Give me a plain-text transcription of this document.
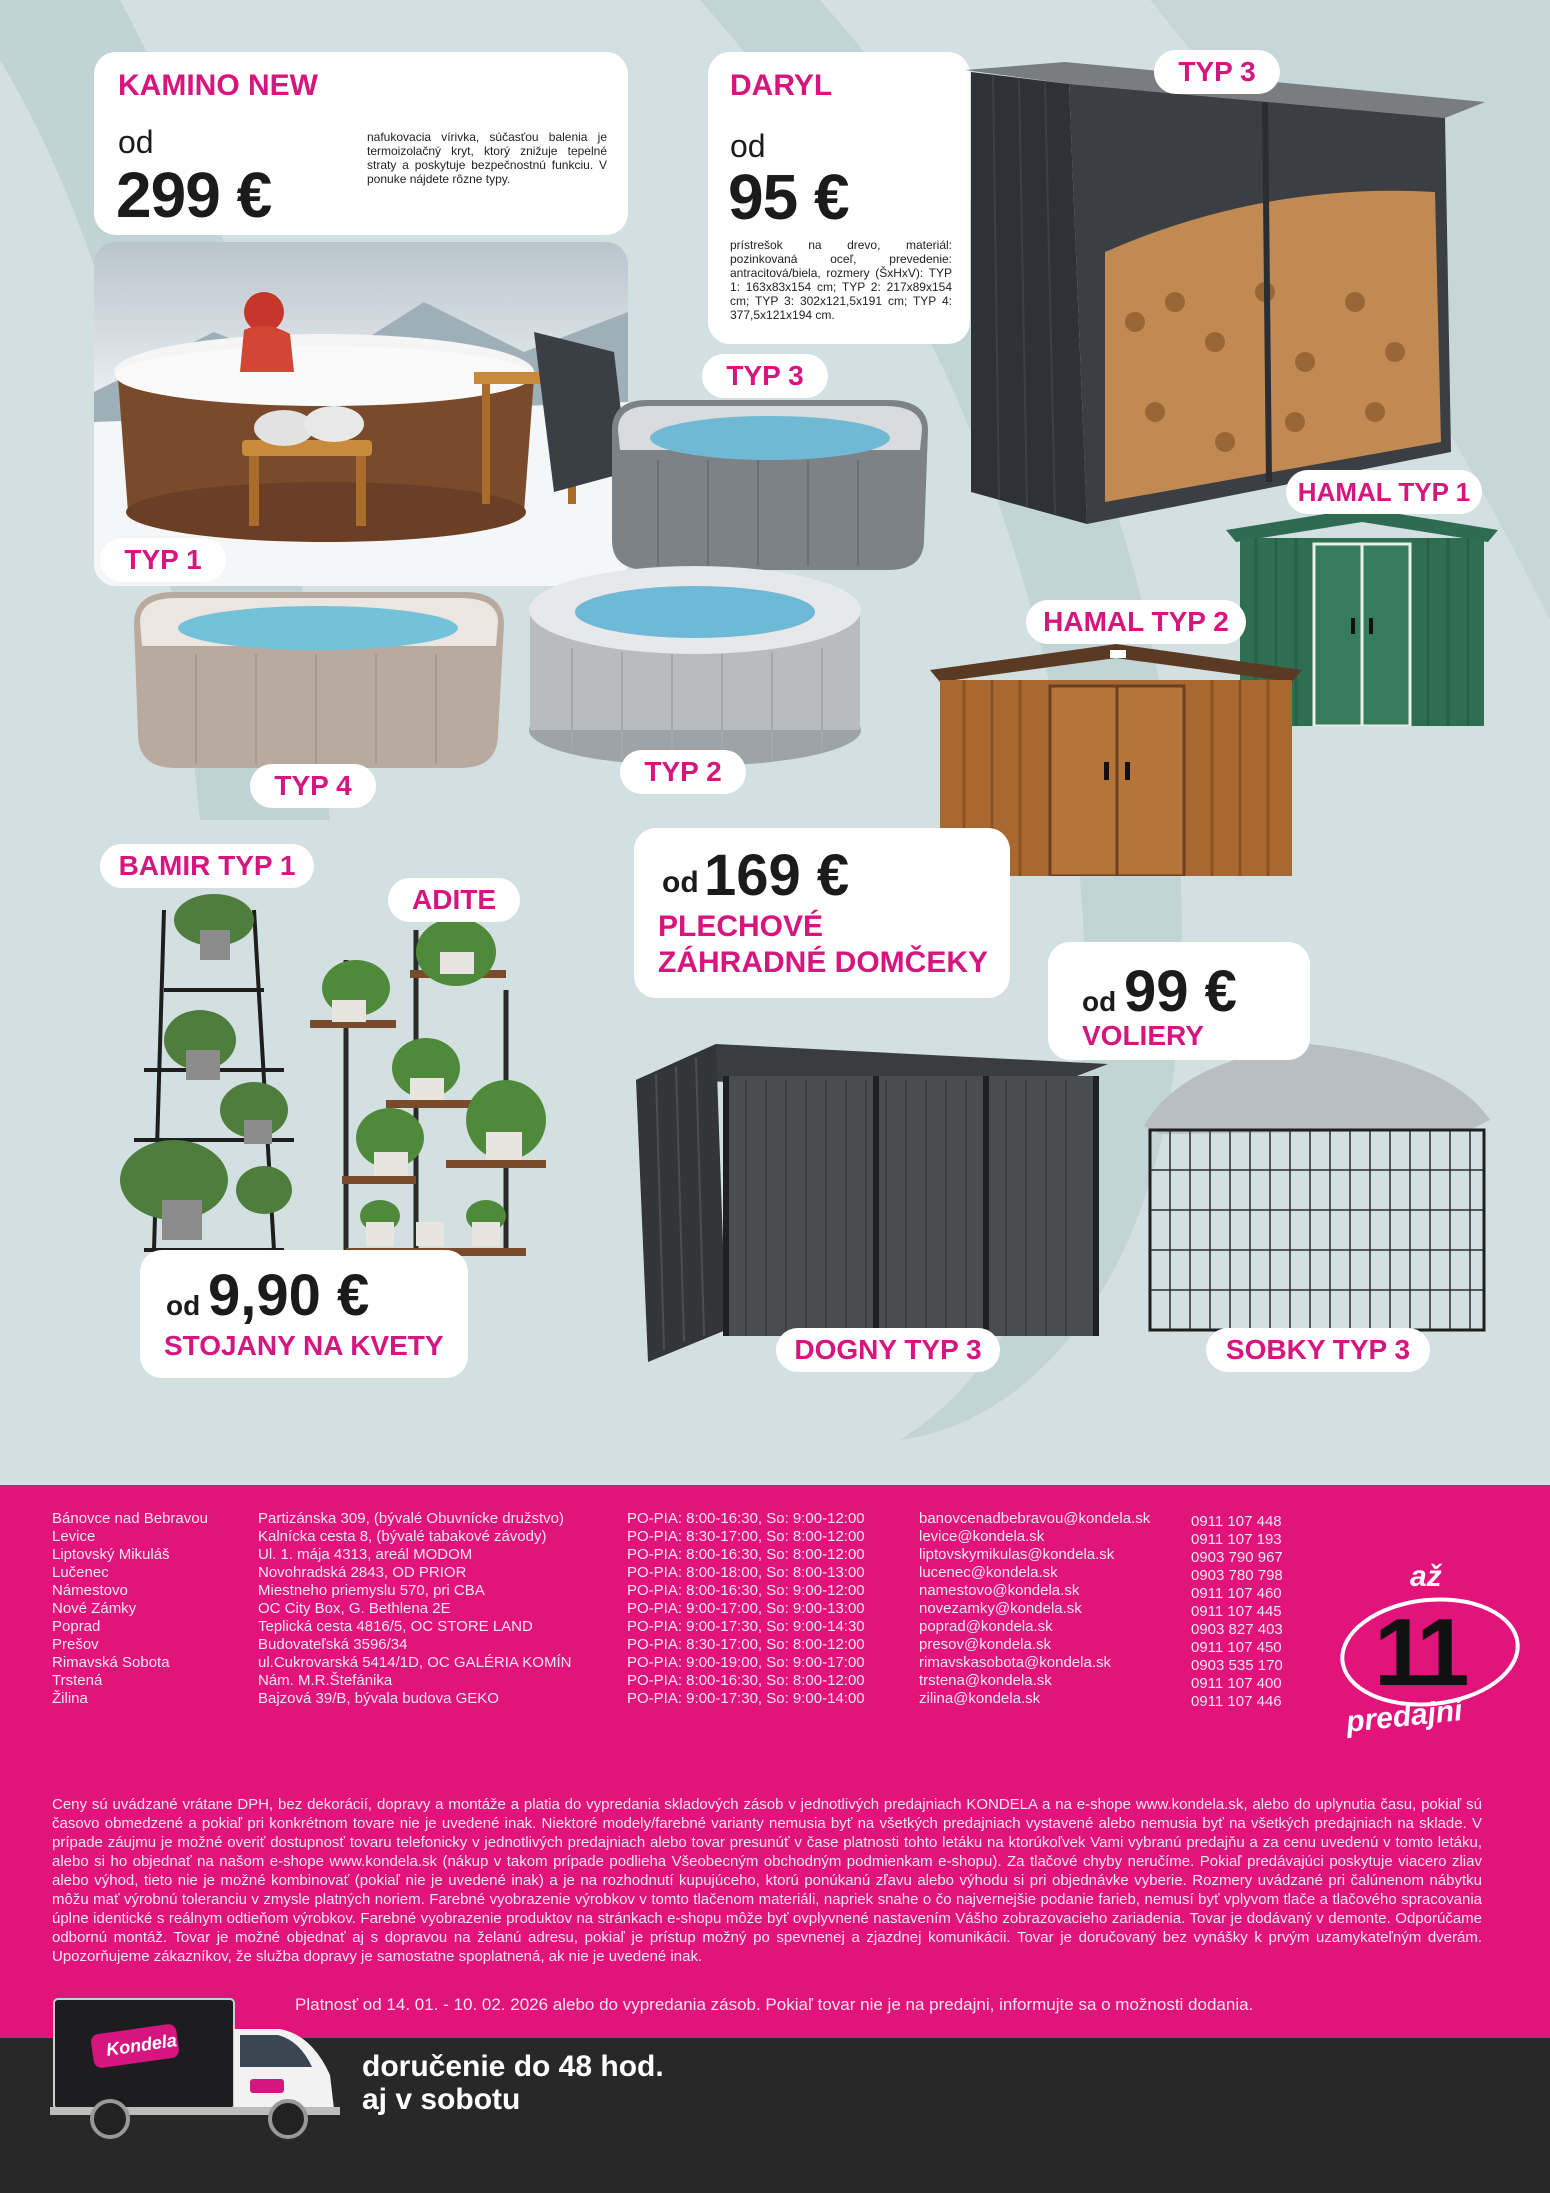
KAMINO NEW
od
299 €
nafukovacia vírivka, súčasťou balenia je termoizolačný kryt, ktorý znižuje tepelné straty a poskytuje bezpečnostnú funkciu. V ponuke nájdete rôzne typy.
DARYL
od
95 €
prístrešok na drevo, materiál: pozinkovaná oceľ, prevedenie: antracitová/biela, rozmery (ŠxHxV): TYP 1: 163x83x154 cm; TYP 2: 217x89x154 cm; TYP 3: 302x121,5x191 cm; TYP 4: 377,5x121x194 cm.
TYP 3
TYP 3
TYP 1
TYP 4	TYP 2
HAMAL TYP 1
HAMAL TYP 2
BAMIR TYP 1
ADITE
DOGNY TYP 3	SOBKY TYP 3
od 169 €
PLECHOVÉ
ZÁHRADNÉ DOMČEKY
od 99 €
VOLIERY
od 9,90 €
STOJANY NA KVETY
Bánovce nad Bebravou
Levice
Liptovský Mikuláš
Lučenec
Námestovo
Nové Zámky
Poprad
Prešov
Rimavská Sobota
Trstená
Žilina
Partizánska 309, (bývalé Obuvnícke družstvo)
Kalnícka cesta 8, (bývalé tabakové závody)
Ul. 1. mája 4313, areál MODOM
Novohradská 2843, OD PRIOR
Miestneho priemyslu 570, pri CBA
OC City Box, G. Bethlena 2E
Teplická cesta 4816/5, OC STORE LAND
Budovateľská 3596/34
ul.Cukrovarská 5414/1D, OC GALÉRIA KOMÍN
Nám. M.R.Štefánika
Bajzová 39/B, bývala budova GEKO
PO-PIA: 8:00-16:30, So: 9:00-12:00
PO-PIA: 8:30-17:00, So: 8:00-12:00
PO-PIA: 8:00-16:30, So: 8:00-12:00
PO-PIA: 8:00-18:00, So: 8:00-13:00
PO-PIA: 8:00-16:30, So: 9:00-12:00
PO-PIA: 9:00-17:00, So: 9:00-13:00
PO-PIA: 9:00-17:30, So: 9:00-14:30
PO-PIA: 8:30-17:00, So: 8:00-12:00
PO-PIA: 9:00-19:00, So: 9:00-17:00
PO-PIA: 8:00-16:30, So: 8:00-12:00
PO-PIA: 9:00-17:30, So: 9:00-14:00
banovcenadbebravou@kondela.sk
levice@kondela.sk
liptovskymikulas@kondela.sk
lucenec@kondela.sk
namestovo@kondela.sk
novezamky@kondela.sk
poprad@kondela.sk
presov@kondela.sk
rimavskasobota@kondela.sk
trstena@kondela.sk
zilina@kondela.sk
0911 107 448
0911 107 193
0903 790 967
0903 780 798
0911 107 460
0911 107 445
0903 827 403
0911 107 450
0903 535 170
0911 107 400
0911 107 446
až
11
predajní
Ceny sú uvádzané vrátane DPH, bez dekorácií, dopravy a montáže a platia do vypredania skladových zásob v jednotlivých predajniach KONDELA a na e-shope www.kondela.sk, alebo do uplynutia času, pokiaľ sú časovo obmedzené a pokiaľ pri konkrétnom tovare nie je uvedené inak. Niektoré modely/farebné varianty nemusia byť na všetkých predajniach vystavené alebo nemusia byť na všetkých predajniach na sklade. V prípade záujmu je možné overiť dostupnosť tovaru telefonicky v jednotlivých predajniach alebo tovar presunúť v čase platnosti tohto letáku na ktorúkoľvek Vami vybranú predajňu a za cenu uvedenú v tomto letáku, alebo si ho objednať na našom e-shope www.kondela.sk (nákup v takom prípade podlieha Všeobecným obchodným podmienkam e-shopu). Za tlačové chyby neručíme. Pokiaľ predávajúci poskytuje viacero zliav alebo výhod, tieto nie je možné kombinovať (pokiaľ nie je uvedené inak) a je na rozhodnutí kupujúceho, ktorú ponúkanú zľavu alebo výhodu si pri objednávke vyberie. Rozmery uvádzané pri čalúnenom nábytku môžu mať výrobnú toleranciu v zmysle platných noriem. Farebné vyobrazenie výrobkov v tomto tlačenom materiáli, napriek snahe o čo najvernejšie podanie farieb, nemusí byť vplyvom tlače a tlačového spracovania úplne identické s reálnym odtieňom výrobkov. Farebné vyobrazenie produktov na stránkach e-shopu môže byť ovplyvnené nastavením Vášho zobrazovacieho zariadenia. Tovar je dodávaný v demonte. Odporúčame odbornú montáž. Tovar je možné objednať aj s dopravou na želanú adresu, pokiaľ je prístup možný po spevnenej a zjazdnej komunikácii. Tovar je doručovaný bez vynášky k prvým uzamykateľným dverám. Upozorňujeme zákazníkov, že služba dopravy je samostatne spoplatnená, ak nie je uvedené inak.
Platnosť od 14. 01. - 10. 02. 2026 alebo do vypredania zásob. Pokiaľ tovar nie je na predajni, informujte sa o možnosti dodania.
Kondela
doručenie do 48 hod.
aj v sobotu
